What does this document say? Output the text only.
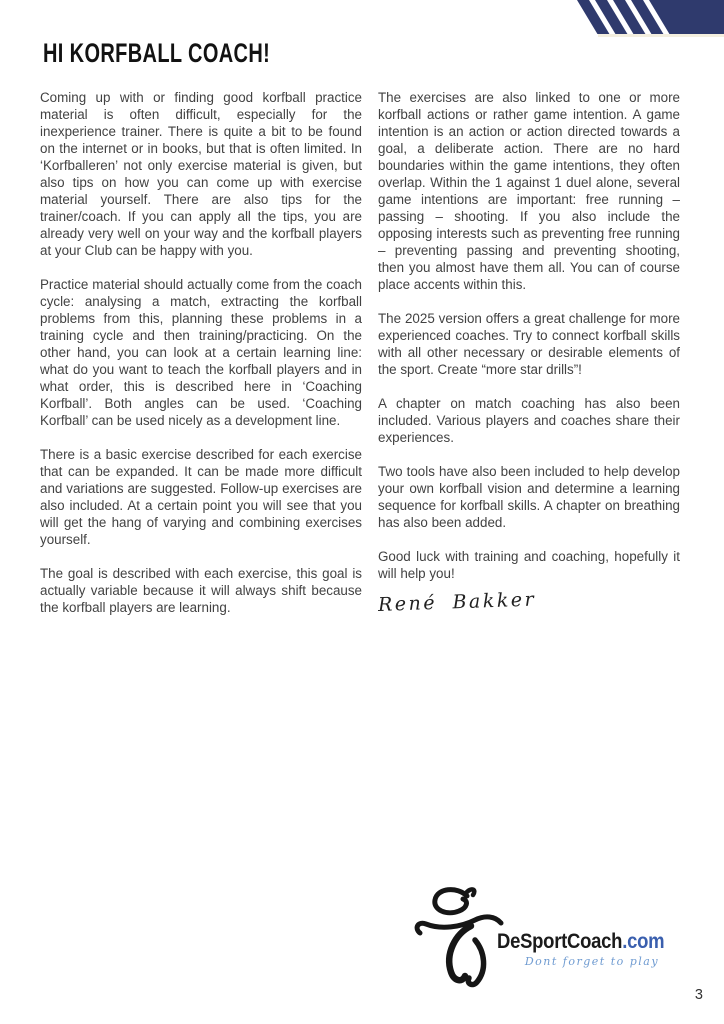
HI KORFBALL COACH!

Coming up with or finding good korfball practice material is often difficult, especially for the inexperience trainer. There is quite a bit to be found on the internet or in books, but that is often limited. In ‘Korfballeren’ not only exercise material is given, but also tips on how you can come up with exercise material yourself. There are also tips for the trainer/coach. If you can apply all the tips, you are already very well on your way and the korfball players at your Club can be happy with you.

Practice material should actually come from the coach cycle: analysing a match, extracting the korfball problems from this, planning these problems in a training cycle and then training/practicing. On the other hand, you can look at a certain learning line: what do you want to teach the korfball players and in what order, this is described here in ‘Coaching Korfball’. Both angles can be used. ‘Coaching Korfball’ can be used nicely as a development line.

There is a basic exercise described for each exercise that can be expanded. It can be made more difficult and variations are suggested. Follow-up exercises are also included. At a certain point you will see that you will get the hang of varying and combining exercises yourself.

The goal is described with each exercise, this goal is actually variable because it will always shift because the korfball players are learning.

The exercises are also linked to one or more korfball actions or rather game intention. A game intention is an action or action directed towards a goal, a deliberate action. There are no hard boundaries within the game intentions, they often overlap. Within the 1 against 1 duel alone, several game intentions are important: free running – passing – shooting. If you also include the opposing interests such as preventing free running – preventing passing and preventing shooting, then you almost have them all. You can of course place accents within this.

The 2025 version offers a great challenge for more experienced coaches. Try to connect korfball skills with all other necessary or desirable elements of the sport. Create “more star drills”!

A chapter on match coaching has also been included. Various players and coaches share their experiences.

Two tools have also been included to help develop your own korfball vision and determine a learning sequence for korfball skills. A chapter on breathing has also been added.

Good luck with training and coaching, hopefully it will help you!

René Bakker
DeSportCoach.com
Dont forget to play
3
